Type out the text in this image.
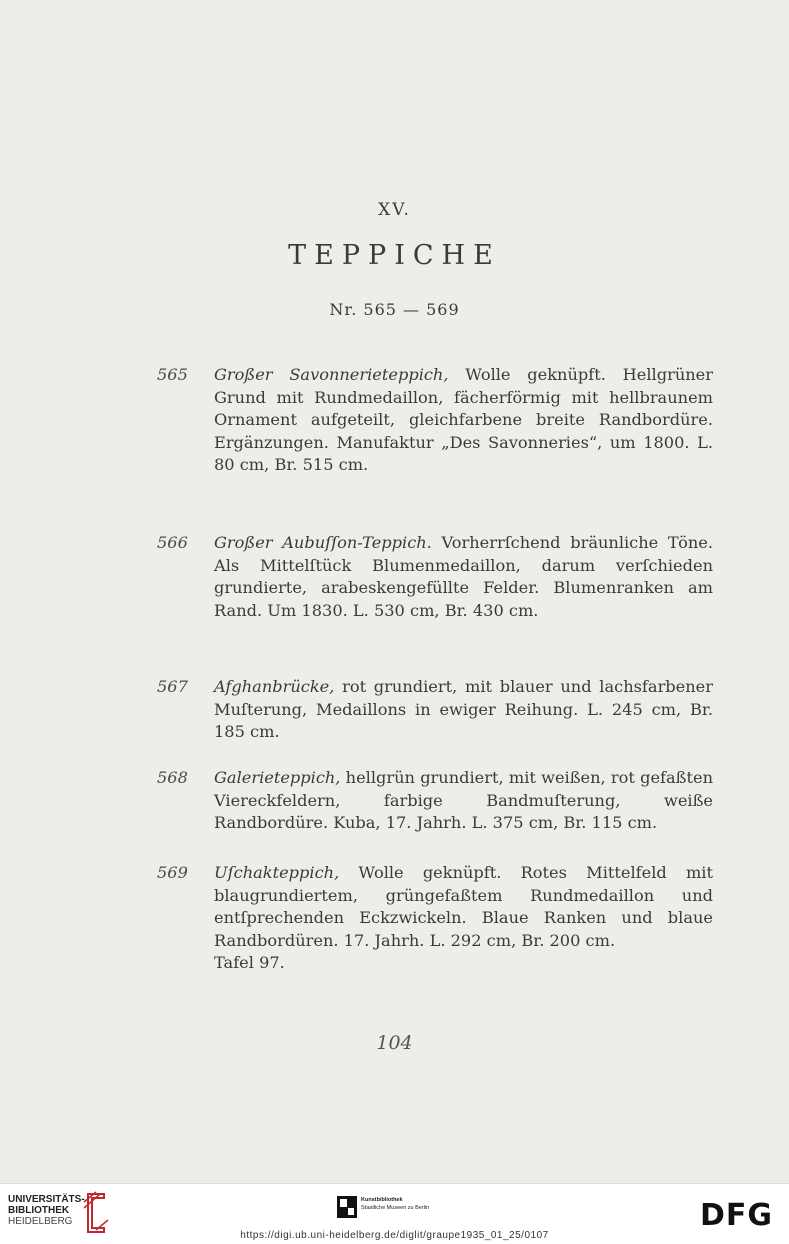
XV.
TEPPICHE
Nr. 565 — 569
565	Großer Savonnerieteppich, Wolle geknüpft. Hellgrüner Grund mit Rundmedaillon, fächerförmig mit hellbraunem Ornament aufgeteilt, gleichfarbene breite Randbordüre. Ergänzungen. Manufaktur „Des Savonneries“, um 1800. L. 80 cm, Br. 515 cm.
566	Großer Aubuſſon-Teppich. Vorherrſchend bräunliche Töne. Als Mittelſtück Blumenmedaillon, darum verſchieden grundierte, arabeskengefüllte Felder. Blumenranken am Rand. Um 1830. L. 530 cm, Br. 430 cm.
567	Afghanbrücke, rot grundiert, mit blauer und lachsfarbener Muſterung, Medaillons in ewiger Reihung. L. 245 cm, Br. 185 cm.
568	Galerieteppich, hellgrün grundiert, mit weißen, rot gefaßten Viereckfeldern, farbige Bandmuſterung, weiße Randbordüre. Kuba, 17. Jahrh. L. 375 cm, Br. 115 cm.
569	Uſchakteppich, Wolle geknüpft. Rotes Mittelfeld mit blaugrundiertem, grüngefaßtem Rundmedaillon und entſprechenden Eckzwickeln. Blaue Ranken und blaue Randbordüren. 17. Jahrh. L. 292 cm, Br. 200 cm.
Tafel 97.
104
UNIVERSITÄTS-
BIBLIOTHEK
HEIDELBERG
Kunstbibliothek
Staatliche Museen zu Berlin	DFG
https://digi.ub.uni-heidelberg.de/diglit/graupe1935_01_25/0107
